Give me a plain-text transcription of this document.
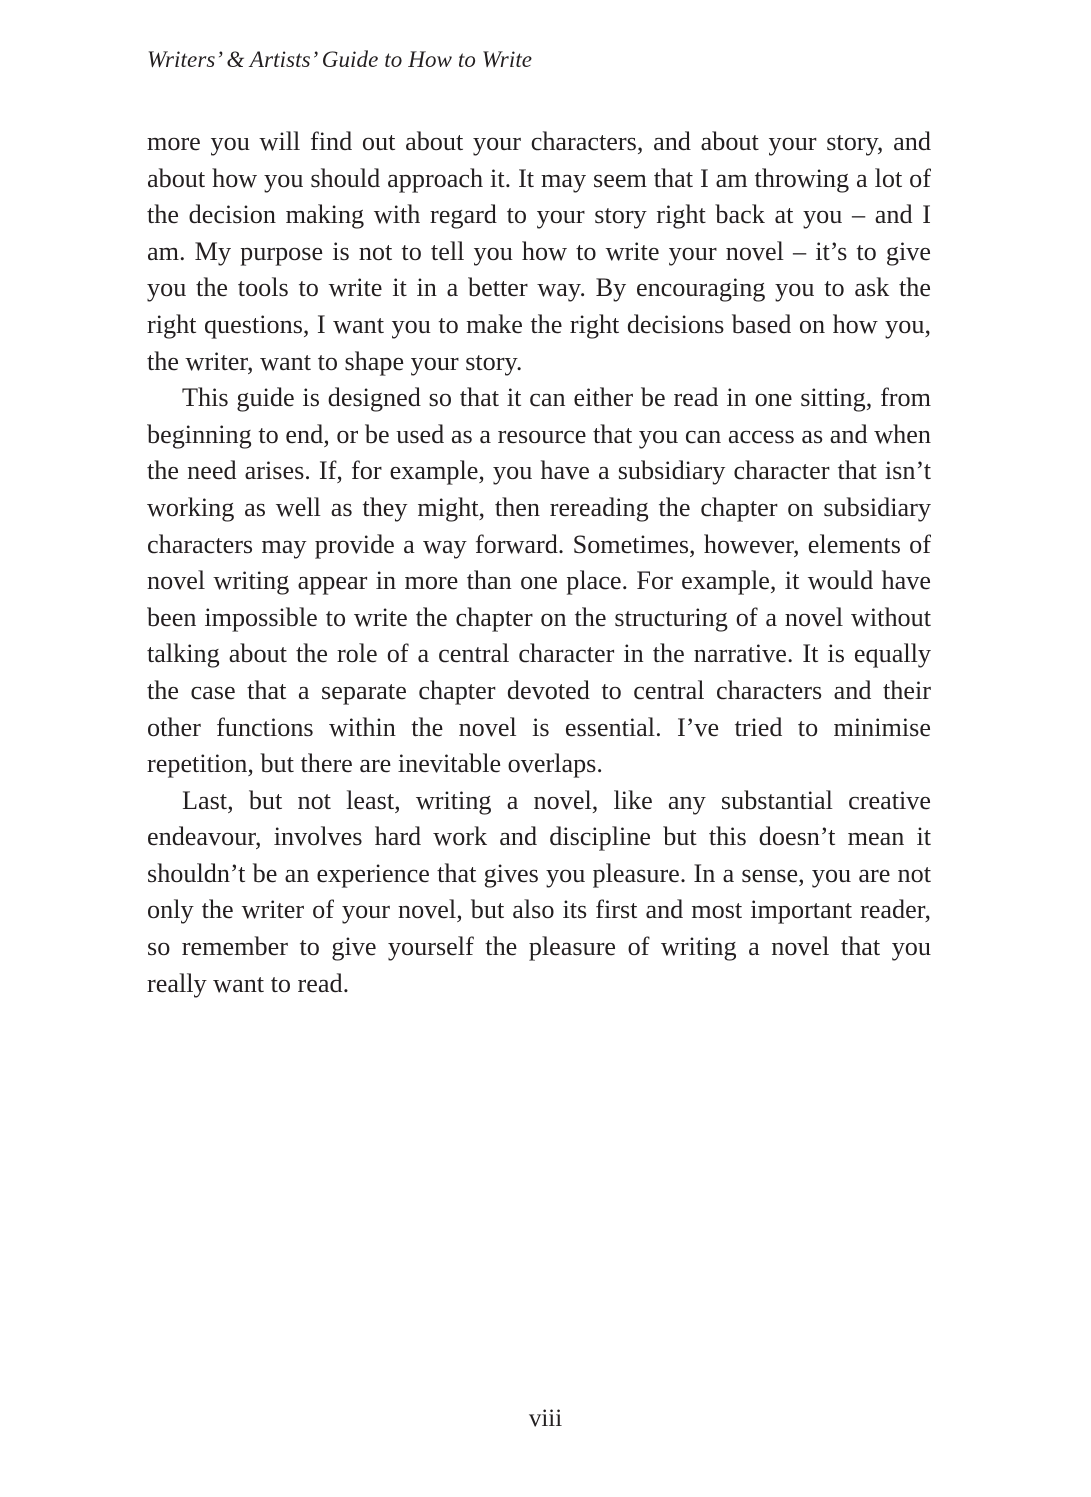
Writers’ & Artists’ Guide to How to Write

more you will find out about your characters, and about your story, and about how you should approach it. It may seem that I am throwing a lot of the decision making with regard to your story right back at you – and I am. My purpose is not to tell you how to write your novel – it’s to give you the tools to write it in a better way. By encouraging you to ask the right questions, I want you to make the right decisions based on how you, the writer, want to shape your story.

This guide is designed so that it can either be read in one sitting, from beginning to end, or be used as a resource that you can access as and when the need arises. If, for example, you have a subsidiary character that isn’t working as well as they might, then rereading the chapter on subsidiary characters may provide a way forward. Sometimes, however, elements of novel writing appear in more than one place. For example, it would have been impossible to write the chapter on the structuring of a novel without talking about the role of a central character in the narrative. It is equally the case that a separate chapter devoted to central characters and their other functions within the novel is essential. I’ve tried to minimise repetition, but there are inevitable overlaps.

Last, but not least, writing a novel, like any substantial creative endeavour, involves hard work and discipline but this doesn’t mean it shouldn’t be an experience that gives you pleasure. In a sense, you are not only the writer of your novel, but also its first and most important reader, so remember to give yourself the pleasure of writing a novel that you really want to read.

viii
